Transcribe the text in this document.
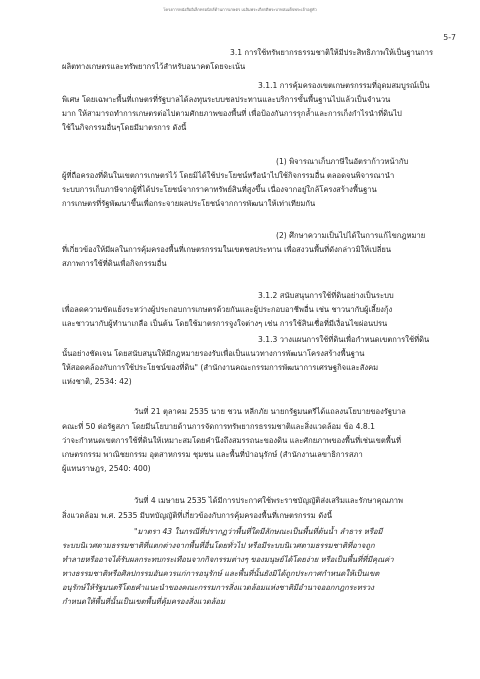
โครงการหนังสืออิเล็กทรอนิกส์ด้านการเกษตร เฉลิมพระเกียรติพระบาทสมเด็จพระเจ้าอยู่หัว
5-7
3.1 การใช้ทรัพยากรธรรมชาติให้มีประสิทธิภาพให้เป็นฐานการ
ผลิตทางเกษตรและทรัพยากรไว้สำหรับอนาคตโดยจะเน้น
3.1.1 การคุ้มครองเขตเกษตรกรรมที่อุดมสมบูรณ์เป็น
พิเศษ โดยเฉพาะพื้นที่เกษตรที่รัฐบาลได้ลงทุนระบบชลประทานและบริการขั้นพื้นฐานไปแล้วเป็นจำนวน
มาก ให้สามารถทำการเกษตรต่อไปตามศักยภาพของพื้นที่ เพื่อป้องกันการรุกล้ำและการเก็งกำไรนำที่ดินไป
ใช้ในกิจกรรมอื่นๆโดยมีมาตรการ ดังนี้
(1) พิจารณาเก็บภาษีในอัตราก้าวหน้ากับ
ผู้ที่ถือครองที่ดินในเขตการเกษตรไว้ โดยมิได้ใช้ประโยชน์หรือนำไปใช้กิจกรรมอื่น ตลอดจนพิจารณานำ
ระบบการเก็บภาษีจากผู้ที่ได้ประโยชน์จากราคาทรัพย์สินที่สูงขึ้น เนื่องจากอยู่ใกล้โครงสร้างพื้นฐาน
การเกษตรที่รัฐพัฒนาขึ้นเพื่อกระจายผลประโยชน์จากการพัฒนาให้เท่าเทียมกัน
(2) ศึกษาความเป็นไปได้ในการแก้ไขกฎหมาย
ที่เกี่ยวข้องให้มีผลในการคุ้มครองพื้นที่เกษตรกรรมในเขตชลประทาน เพื่อสงวนพื้นที่ดังกล่าวมิให้เปลี่ยน
สภาพการใช้ที่ดินเพื่อกิจกรรมอื่น
3.1.2 สนับสนุนการใช้ที่ดินอย่างเป็นระบบ
เพื่อลดความขัดแย้งระหว่างผู้ประกอบการเกษตรด้วยกันและผู้ประกอบอาชีพอื่น เช่น ชาวนากับผู้เลี้ยงกุ้ง
และชาวนากับผู้ทำนาเกลือ เป็นต้น โดยใช้มาตรการจูงใจต่างๆ เช่น การใช้สินเชื่อที่มีเงื่อนไขผ่อนปรน
3.1.3 วางแผนการใช้ที่ดินเพื่อกำหนดเขตการใช้ที่ดิน
นั้นอย่างชัดเจน โดยสนับสนุนให้มีกฎหมายรองรับเพื่อเป็นแนวทางการพัฒนาโครงสร้างพื้นฐาน
ให้สอดคล้องกับการใช้ประโยชน์ของที่ดิน" (สำนักงานคณะกรรมการพัฒนาการเศรษฐกิจและสังคม
แห่งชาติ, 2534: 42)
วันที่ 21 ตุลาคม 2535 นาย ชวน หลีกภัย นายกรัฐมนตรีได้แถลงนโยบายของรัฐบาล
คณะที่ 50 ต่อรัฐสภา โดยมีนโยบายด้านการจัดการทรัพยากรธรรมชาติและสิ่งแวดล้อม ข้อ 4.8.1
ว่าจะกำหนดเขตการใช้ที่ดินให้เหมาะสมโดยคำนึงถึงสมรรถนะของดิน และศักยภาพของพื้นที่เช่นเขตพื้นที่
เกษตรกรรม พาณิชยกรรม อุตสาหกรรม ชุมชน และพื้นที่ป่าอนุรักษ์ (สำนักงานเลขาธิการสภา
ผู้แทนราษฎร, 2540: 400)
วันที่ 4 เมษายน 2535 ได้มีการประกาศใช้พระราชบัญญัติส่งเสริมและรักษาคุณภาพ
สิ่งแวดล้อม พ.ศ. 2535 มีบทบัญญัติที่เกี่ยวข้องกับการคุ้มครองพื้นที่เกษตรกรรม ดังนี้
"มาตรา 43 ในกรณีที่ปรากฏว่าพื้นที่ใดมีลักษณะเป็นพื้นที่ต้นน้ำ ลำธาร หรือมี
ระบบนิเวศตามธรรมชาติที่แตกต่างจากพื้นที่อื่นโดยทั่วไป หรือมีระบบนิเวศตามธรรมชาติที่อาจถูก
ทำลายหรืออาจได้รับผลกระทบกระเทือนจากกิจกรรมต่างๆ ของมนุษย์ได้โดยง่าย หรือเป็นพื้นที่ที่มีคุณค่า
ทางธรรมชาติหรือศิลปกรรมอันควรแก่การอนุรักษ์ และพื้นที่นั้นยังมิได้ถูกประกาศกำหนดให้เป็นเขต
อนุรักษ์ให้รัฐมนตรีโดยคำแนะนำของคณะกรรมการสิ่งแวดล้อมแห่งชาติมีอำนาจออกกฎกระทรวง
กำหนดให้พื้นที่นั้นเป็นเขตพื้นที่คุ้มครองสิ่งแวดล้อม
